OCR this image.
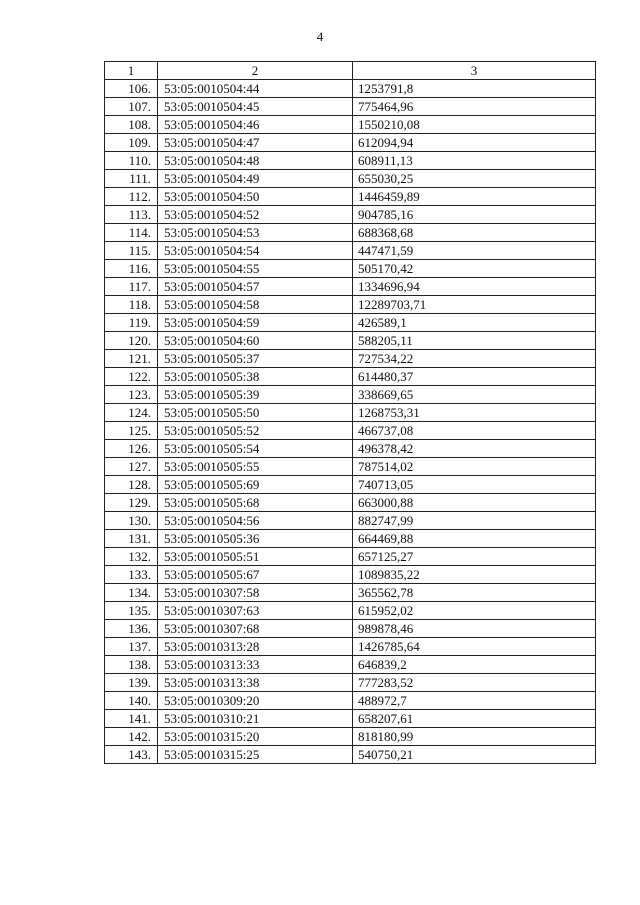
4
1	2	3
106.	53:05:0010504:44	1253791,8
107.	53:05:0010504:45	775464,96
108.	53:05:0010504:46	1550210,08
109.	53:05:0010504:47	612094,94
110.	53:05:0010504:48	608911,13
111.	53:05:0010504:49	655030,25
112.	53:05:0010504:50	1446459,89
113.	53:05:0010504:52	904785,16
114.	53:05:0010504:53	688368,68
115.	53:05:0010504:54	447471,59
116.	53:05:0010504:55	505170,42
117.	53:05:0010504:57	1334696,94
118.	53:05:0010504:58	12289703,71
119.	53:05:0010504:59	426589,1
120.	53:05:0010504:60	588205,11
121.	53:05:0010505:37	727534,22
122.	53:05:0010505:38	614480,37
123.	53:05:0010505:39	338669,65
124.	53:05:0010505:50	1268753,31
125.	53:05:0010505:52	466737,08
126.	53:05:0010505:54	496378,42
127.	53:05:0010505:55	787514,02
128.	53:05:0010505:69	740713,05
129.	53:05:0010505:68	663000,88
130.	53:05:0010504:56	882747,99
131.	53:05:0010505:36	664469,88
132.	53:05:0010505:51	657125,27
133.	53:05:0010505:67	1089835,22
134.	53:05:0010307:58	365562,78
135.	53:05:0010307:63	615952,02
136.	53:05:0010307:68	989878,46
137.	53:05:0010313:28	1426785,64
138.	53:05:0010313:33	646839,2
139.	53:05:0010313:38	777283,52
140.	53:05:0010309:20	488972,7
141.	53:05:0010310:21	658207,61
142.	53:05:0010315:20	818180,99
143.	53:05:0010315:25	540750,21
